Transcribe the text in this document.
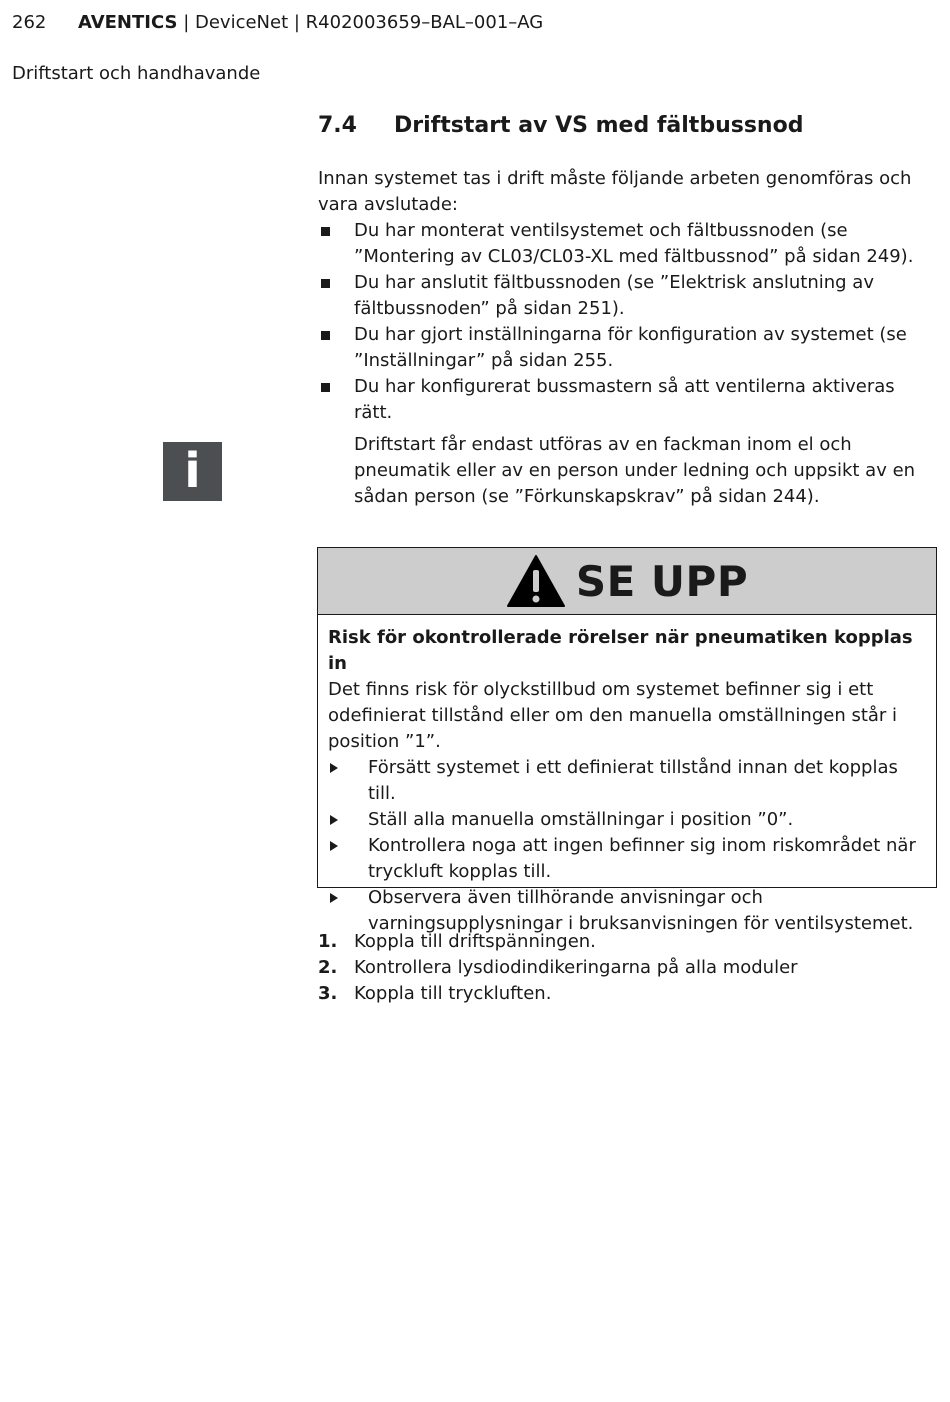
262 AVENTICS | DeviceNet | R402003659–BAL–001–AG
Driftstart och handhavande
7.4 Driftstart av VS med fältbussnod
Innan systemet tas i drift måste följande arbeten genomföras och vara avslutade:
Du har monterat ventilsystemet och fältbussnoden (se ”Montering av CL03/CL03-XL med fältbussnod” på sidan 249).
Du har anslutit fältbussnoden (se ”Elektrisk anslutning av fältbussnoden” på sidan 251).
Du har gjort inställningarna för konfiguration av systemet (se ”Inställningar” på sidan 255.
Du har konfigurerat bussmastern så att ventilerna aktiveras rätt.
i	Driftstart får endast utföras av en fackman inom el och pneumatik eller av en person under ledning och uppsikt av en sådan person (se ”Förkunskapskrav” på sidan 244).
SE UPP
Risk för okontrollerade rörelser när pneumatiken kopplas in
Det finns risk för olyckstillbud om systemet befinner sig i ett odefinierat tillstånd eller om den manuella omställningen står i position ”1”.
Försätt systemet i ett definierat tillstånd innan det kopplas till.
Ställ alla manuella omställningar i position ”0”.
Kontrollera noga att ingen befinner sig inom riskområdet när tryckluft kopplas till.
Observera även tillhörande anvisningar och varningsupplysningar i bruksanvisningen för ventilsystemet.
1. Koppla till driftspänningen.
2. Kontrollera lysdiodindikeringarna på alla moduler
3. Koppla till tryckluften.
